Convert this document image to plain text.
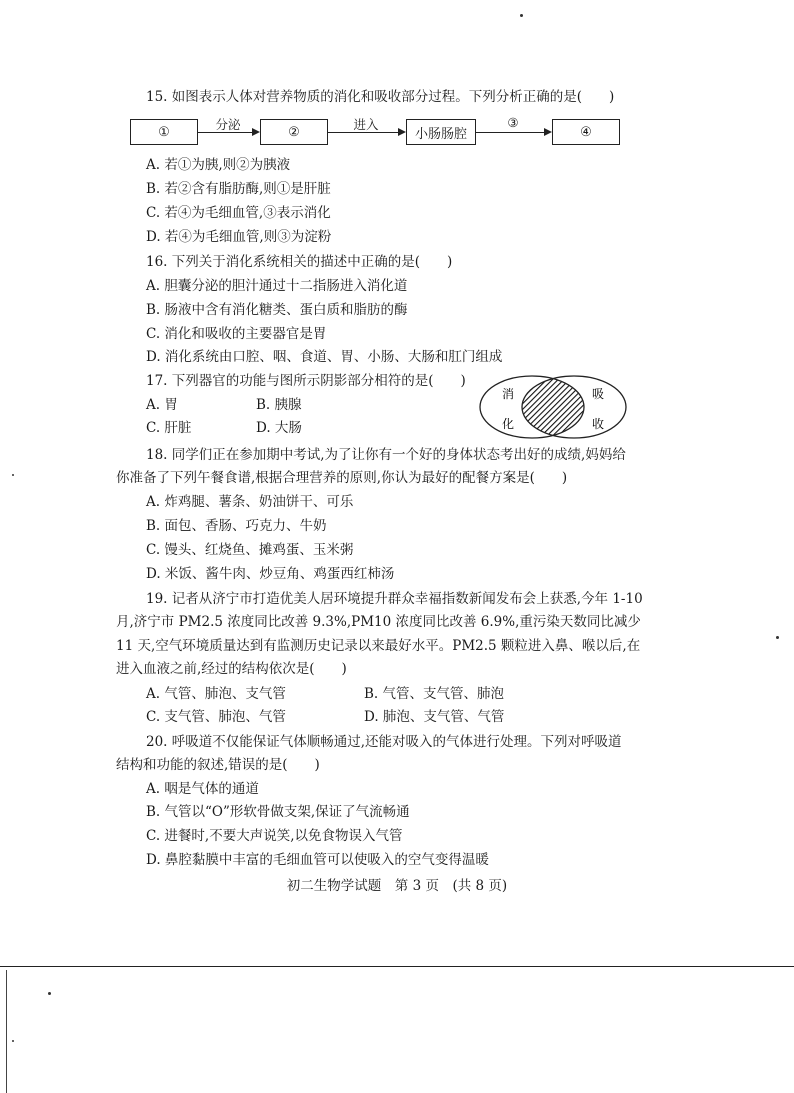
15. 如图表示人体对营养物质的消化和吸收部分过程。下列分析正确的是(　　)
①	分泌	②	进入
小肠肠腔
③
④
A. 若①为胰,则②为胰液
B. 若②含有脂肪酶,则①是肝脏
C. 若④为毛细血管,③表示消化
D. 若④为毛细血管,则③为淀粉
16. 下列关于消化系统相关的描述中正确的是(　　)
A. 胆囊分泌的胆汁通过十二指肠进入消化道
B. 肠液中含有消化糖类、蛋白质和脂肪的酶
C. 消化和吸收的主要器官是胃
D. 消化系统由口腔、咽、食道、胃、小肠、大肠和肛门组成
17. 下列器官的功能与图所示阴影部分相符的是(　　)
A. 胃	B. 胰腺
C. 肝脏	D. 大肠
消
化
吸
收
18. 同学们正在参加期中考试,为了让你有一个好的身体状态考出好的成绩,妈妈给
你准备了下列午餐食谱,根据合理营养的原则,你认为最好的配餐方案是(　　)
A. 炸鸡腿、薯条、奶油饼干、可乐
B. 面包、香肠、巧克力、牛奶
C. 馒头、红烧鱼、摊鸡蛋、玉米粥
D. 米饭、酱牛肉、炒豆角、鸡蛋西红柿汤
19. 记者从济宁市打造优美人居环境提升群众幸福指数新闻发布会上获悉,今年 1-10
月,济宁市 PM2.5 浓度同比改善 9.3%,PM10 浓度同比改善 6.9%,重污染天数同比减少
11 天,空气环境质量达到有监测历史记录以来最好水平。PM2.5 颗粒进入鼻、喉以后,在
进入血液之前,经过的结构依次是(　　)
A. 气管、肺泡、支气管	B. 气管、支气管、肺泡
C. 支气管、肺泡、气管	D. 肺泡、支气管、气管
20. 呼吸道不仅能保证气体顺畅通过,还能对吸入的气体进行处理。下列对呼吸道
结构和功能的叙述,错误的是(　　)
A. 咽是气体的通道
B. 气管以“O”形软骨做支架,保证了气流畅通
C. 进餐时,不要大声说笑,以免食物误入气管
D. 鼻腔黏膜中丰富的毛细血管可以使吸入的空气变得温暖
初二生物学试题　第 3 页　(共 8 页)
